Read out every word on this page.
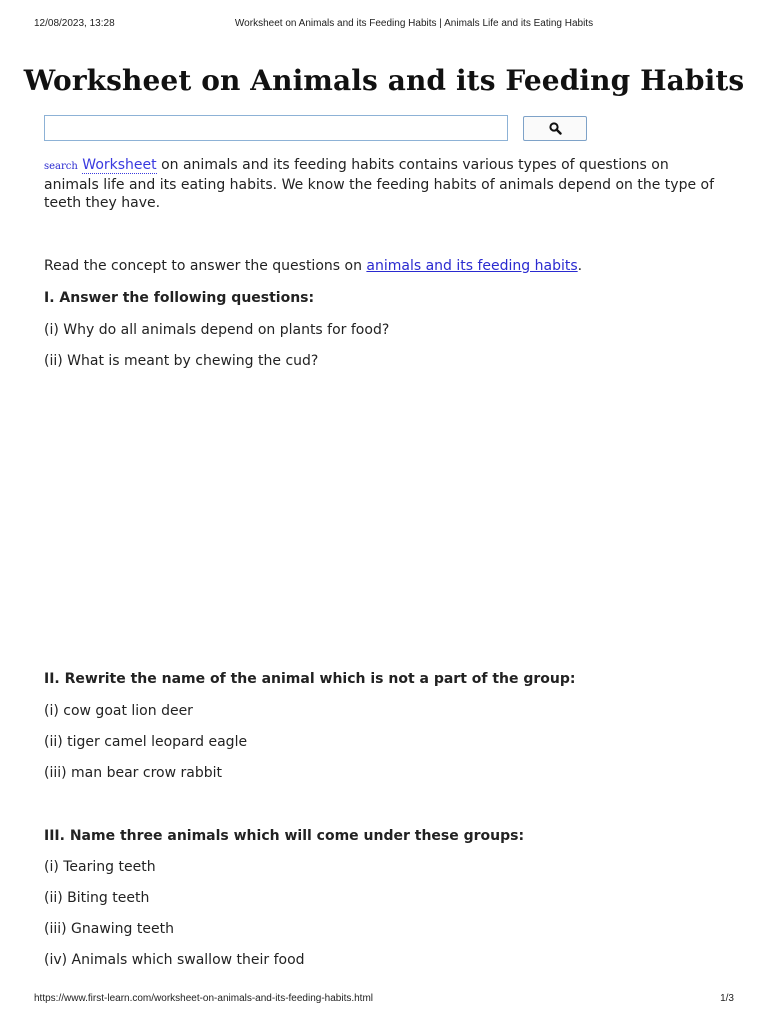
12/08/2023, 13:28	Worksheet on Animals and its Feeding Habits | Animals Life and its Eating Habits
Worksheet on Animals and its Feeding Habits

search Worksheet on animals and its feeding habits contains various types of questions on animals life and its eating habits. We know the feeding habits of animals depend on the type of teeth they have.

Read the concept to answer the questions on animals and its feeding habits.

I. Answer the following questions:

(i) Why do all animals depend on plants for food?

(ii) What is meant by chewing the cud?

II. Rewrite the name of the animal which is not a part of the group:

(i) cow goat lion deer

(ii) tiger camel leopard eagle

(iii) man bear crow rabbit

III. Name three animals which will come under these groups:

(i) Tearing teeth

(ii) Biting teeth

(iii) Gnawing teeth

(iv) Animals which swallow their food

https://www.first-learn.com/worksheet-on-animals-and-its-feeding-habits.html	1/3
